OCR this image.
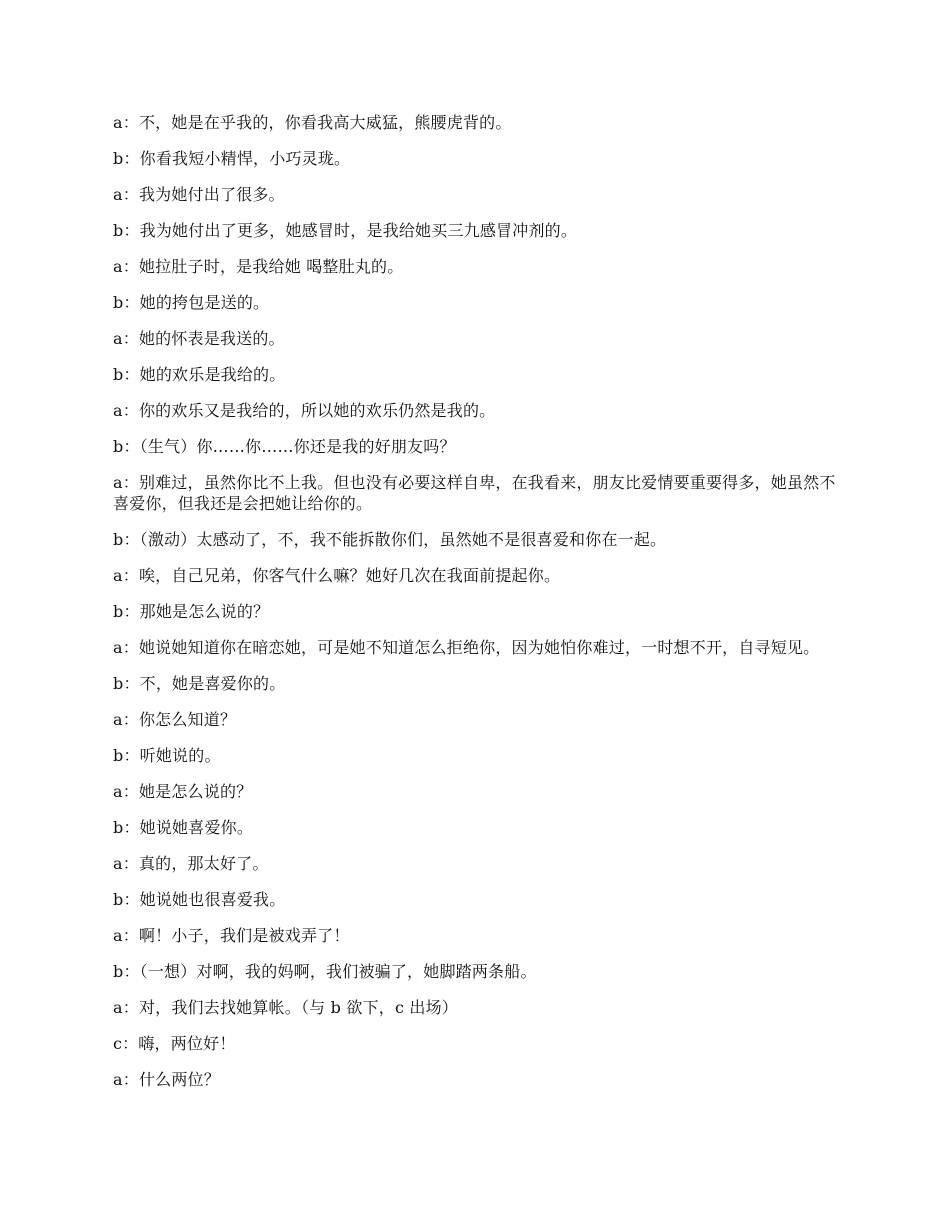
a：不，她是在乎我的，你看我高大威猛，熊腰虎背的。

b：你看我短小精悍，小巧灵珑。

a：我为她付出了很多。

b：我为她付出了更多，她感冒时，是我给她买三九感冒冲剂的。

a：她拉肚子时，是我给她 喝整肚丸的。

b：她的挎包是送的。

a：她的怀表是我送的。

b：她的欢乐是我给的。

a：你的欢乐又是我给的，所以她的欢乐仍然是我的。

b：（生气）你……你……你还是我的好朋友吗？

a：别难过，虽然你比不上我。但也没有必要这样自卑，在我看来，朋友比爱情要重要得多，她虽然不喜爱你，但我还是会把她让给你的。

b：（激动）太感动了，不，我不能拆散你们，虽然她不是很喜爱和你在一起。

a：唉，自己兄弟，你客气什么嘛？她好几次在我面前提起你。

b：那她是怎么说的？

a：她说她知道你在暗恋她，可是她不知道怎么拒绝你，因为她怕你难过，一时想不开，自寻短见。

b：不，她是喜爱你的。

a：你怎么知道？

b：听她说的。

a：她是怎么说的？

b：她说她喜爱你。

a：真的，那太好了。

b：她说她也很喜爱我。

a：啊！小子，我们是被戏弄了！

b：（一想）对啊，我的妈啊，我们被骗了，她脚踏两条船。

a：对，我们去找她算帐。（与 b 欲下，c 出场）

c：嗨，两位好！

a：什么两位？
